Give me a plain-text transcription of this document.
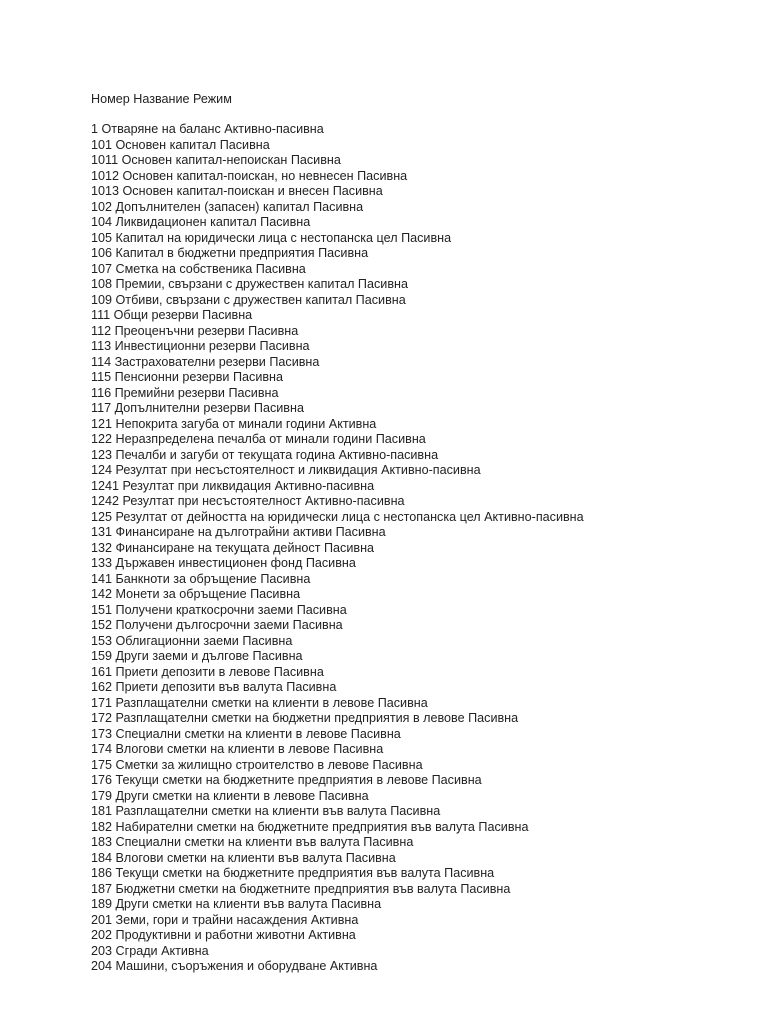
Номер Название Режим
1 Отваряне на баланс Активно-пасивна
101 Основен капитал Пасивна
1011 Основен капитал-непоискан Пасивна
1012 Основен капитал-поискан, но невнесен Пасивна
1013 Основен капитал-поискан и внесен Пасивна
102 Допълнителен (запасен) капитал Пасивна
104 Ликвидационен капитал Пасивна
105 Капитал на юридически лица с нестопанска цел Пасивна
106 Капитал в бюджетни предприятия Пасивна
107 Сметка на собственика Пасивна
108 Премии, свързани с дружествен капитал Пасивна
109 Отбиви, свързани с дружествен капитал Пасивна
111 Общи резерви Пасивна
112 Преоценъчни резерви Пасивна
113 Инвестиционни резерви Пасивна
114 Застрахователни резерви Пасивна
115 Пенсионни резерви Пасивна
116 Премийни резерви Пасивна
117 Допълнителни резерви Пасивна
121 Непокрита загуба от минали години Активна
122 Неразпределена печалба от минали години Пасивна
123 Печалби и загуби от текущата година Активно-пасивна
124 Резултат при несъстоятелност и ликвидация Активно-пасивна
1241 Резултат при ликвидация Активно-пасивна
1242 Резултат при несъстоятелност Активно-пасивна
125 Резултат от дейността на юридически лица с нестопанска цел Активно-пасивна
131 Финансиране на дълготрайни активи Пасивна
132 Финансиране на текущата дейност Пасивна
133 Държавен инвестиционен фонд Пасивна
141 Банкноти за обръщение Пасивна
142 Монети за обръщение Пасивна
151 Получени краткосрочни заеми Пасивна
152 Получени дългосрочни заеми Пасивна
153 Облигационни заеми Пасивна
159 Други заеми и дългове Пасивна
161 Приети депозити в левове Пасивна
162 Приети депозити във валута Пасивна
171 Разплащателни сметки на клиенти в левове Пасивна
172 Разплащателни сметки на бюджетни предприятия в левове Пасивна
173 Специални сметки на клиенти в левове Пасивна
174 Влогови сметки на клиенти в левове Пасивна
175 Сметки за жилищно строителство в левове Пасивна
176 Текущи сметки на бюджетните предприятия в левове Пасивна
179 Други сметки на клиенти в левове Пасивна
181 Разплащателни сметки на клиенти във валута Пасивна
182 Набирателни сметки на бюджетните предприятия във валута Пасивна
183 Специални сметки на клиенти във валута Пасивна
184 Влогови сметки на клиенти във валута Пасивна
186 Текущи сметки на бюджетните предприятия във валута Пасивна
187 Бюджетни сметки на бюджетните предприятия във валута Пасивна
189 Други сметки на клиенти във валута Пасивна
201 Земи, гори и трайни насаждения Активна
202 Продуктивни и работни животни Активна
203 Сгради Активна
204 Машини, съоръжения и оборудване Активна
